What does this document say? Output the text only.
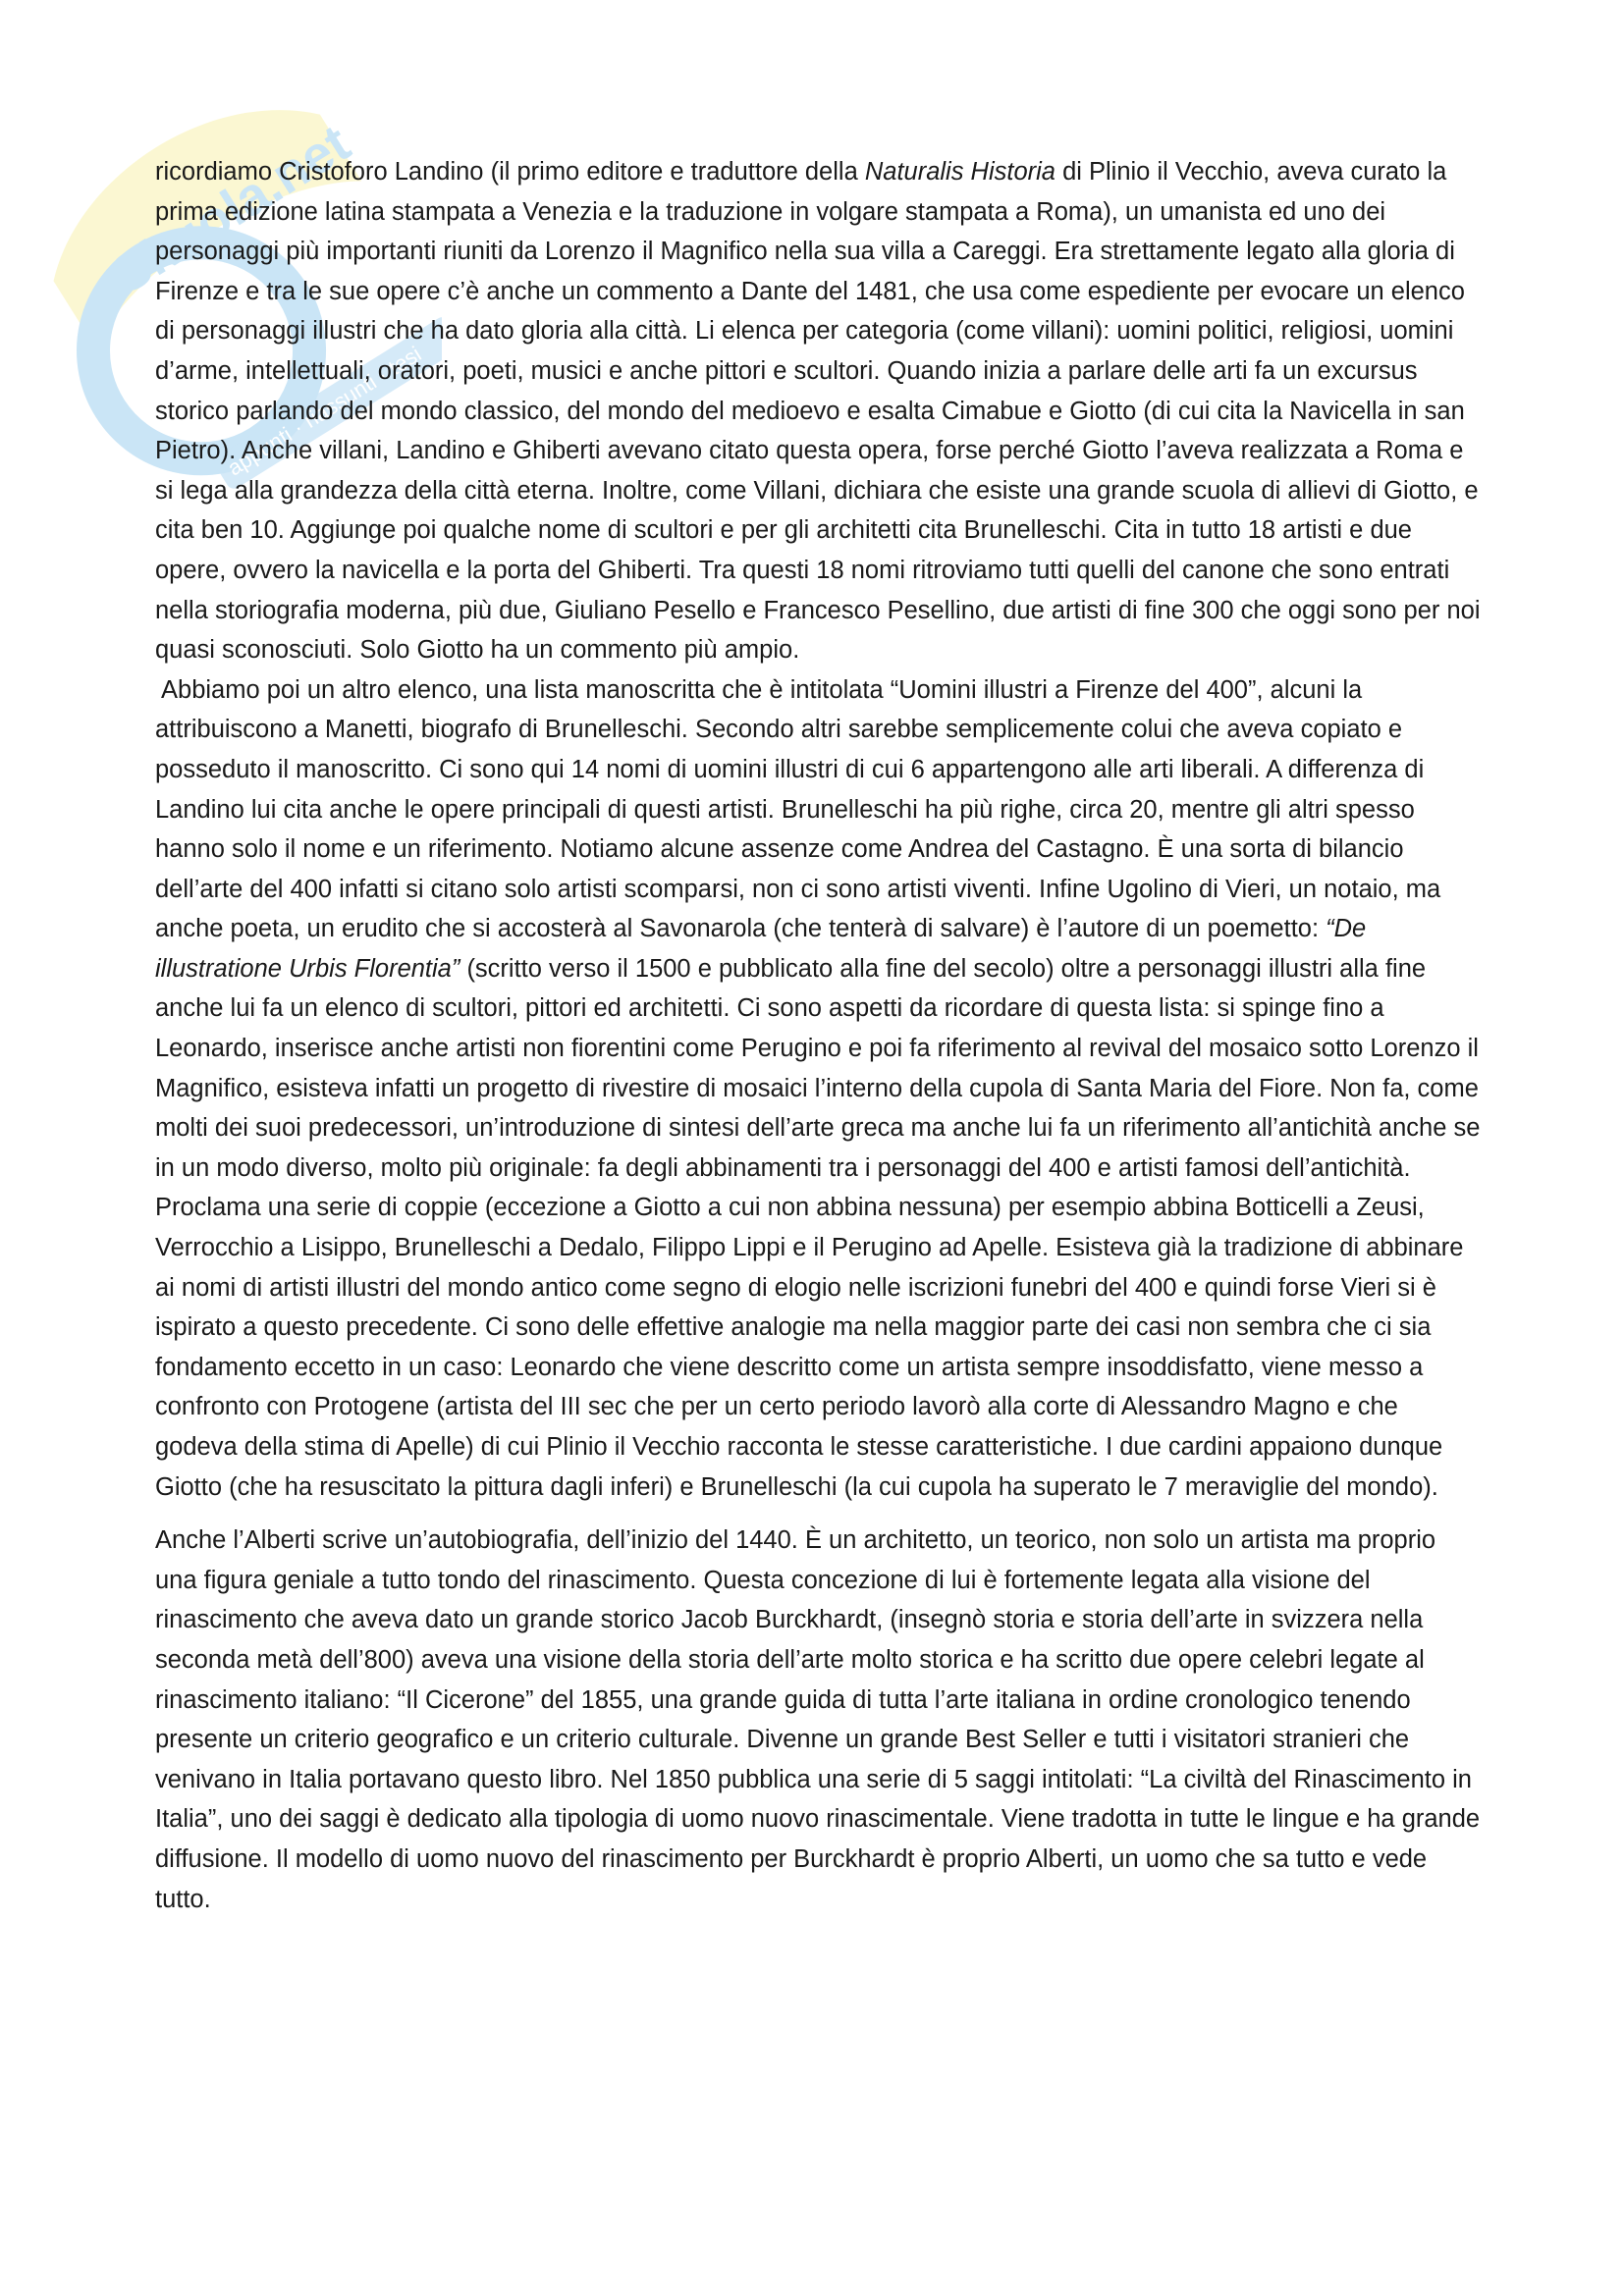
Skuola.net
appunti · riassunti · tesi

ricordiamo Cristoforo Landino (il primo editore e traduttore della Naturalis Historia di Plinio il Vecchio, aveva curato la prima edizione latina stampata a Venezia e la traduzione in volgare stampata a Roma), un umanista ed uno dei personaggi più importanti riuniti da Lorenzo il Magnifico nella sua villa a Careggi. Era strettamente legato alla gloria di Firenze e tra le sue opere c’è anche un commento a Dante del 1481, che usa come espediente per evocare un elenco di personaggi illustri che ha dato gloria alla città. Li elenca per categoria (come villani): uomini politici, religiosi, uomini d’arme, intellettuali, oratori, poeti, musici e anche pittori e scultori. Quando inizia a parlare delle arti fa un excursus storico parlando del mondo classico, del mondo del medioevo e esalta Cimabue e Giotto (di cui cita la Navicella in san Pietro). Anche villani, Landino e Ghiberti avevano citato questa opera, forse perché Giotto l’aveva realizzata a Roma e si lega alla grandezza della città eterna. Inoltre, come Villani, dichiara che esiste una grande scuola di allievi di Giotto, e cita ben 10. Aggiunge poi qualche nome di scultori e per gli architetti cita Brunelleschi. Cita in tutto 18 artisti e due opere, ovvero la navicella e la porta del Ghiberti. Tra questi 18 nomi ritroviamo tutti quelli del canone che sono entrati nella storiografia moderna, più due, Giuliano Pesello e Francesco Pesellino, due artisti di fine 300 che oggi sono per noi quasi sconosciuti. Solo Giotto ha un commento più ampio.
Abbiamo poi un altro elenco, una lista manoscritta che è intitolata “Uomini illustri a Firenze del 400”, alcuni la attribuiscono a Manetti, biografo di Brunelleschi. Secondo altri sarebbe semplicemente colui che aveva copiato e posseduto il manoscritto. Ci sono qui 14 nomi di uomini illustri di cui 6 appartengono alle arti liberali. A differenza di Landino lui cita anche le opere principali di questi artisti. Brunelleschi ha più righe, circa 20, mentre gli altri spesso hanno solo il nome e un riferimento. Notiamo alcune assenze come Andrea del Castagno. È una sorta di bilancio dell’arte del 400 infatti si citano solo artisti scomparsi, non ci sono artisti viventi. Infine Ugolino di Vieri, un notaio, ma anche poeta, un erudito che si accosterà al Savonarola (che tenterà di salvare) è l’autore di un poemetto: “De illustratione Urbis Florentia” (scritto verso il 1500 e pubblicato alla fine del secolo) oltre a personaggi illustri alla fine anche lui fa un elenco di scultori, pittori ed architetti. Ci sono aspetti da ricordare di questa lista: si spinge fino a Leonardo, inserisce anche artisti non fiorentini come Perugino e poi fa riferimento al revival del mosaico sotto Lorenzo il Magnifico, esisteva infatti un progetto di rivestire di mosaici l’interno della cupola di Santa Maria del Fiore. Non fa, come molti dei suoi predecessori, un’introduzione di sintesi dell’arte greca ma anche lui fa un riferimento all’antichità anche se in un modo diverso, molto più originale: fa degli abbinamenti tra i personaggi del 400 e artisti famosi dell’antichità. Proclama una serie di coppie (eccezione a Giotto a cui non abbina nessuna) per esempio abbina Botticelli a Zeusi, Verrocchio a Lisippo, Brunelleschi a Dedalo, Filippo Lippi e il Perugino ad Apelle. Esisteva già la tradizione di abbinare ai nomi di artisti illustri del mondo antico come segno di elogio nelle iscrizioni funebri del 400 e quindi forse Vieri si è ispirato a questo precedente. Ci sono delle effettive analogie ma nella maggior parte dei casi non sembra che ci sia fondamento eccetto in un caso: Leonardo che viene descritto come un artista sempre insoddisfatto, viene messo a confronto con Protogene (artista del III sec che per un certo periodo lavorò alla corte di Alessandro Magno e che godeva della stima di Apelle) di cui Plinio il Vecchio racconta le stesse caratteristiche. I due cardini appaiono dunque Giotto (che ha resuscitato la pittura dagli inferi) e Brunelleschi (la cui cupola ha superato le 7 meraviglie del mondo).

Anche l’Alberti scrive un’autobiografia, dell’inizio del 1440. È un architetto, un teorico, non solo un artista ma proprio una figura geniale a tutto tondo del rinascimento. Questa concezione di lui è fortemente legata alla visione del rinascimento che aveva dato un grande storico Jacob Burckhardt, (insegnò storia e storia dell’arte in svizzera nella seconda metà dell’800) aveva una visione della storia dell’arte molto storica e ha scritto due opere celebri legate al rinascimento italiano: “Il Cicerone” del 1855, una grande guida di tutta l’arte italiana in ordine cronologico tenendo presente un criterio geografico e un criterio culturale. Divenne un grande Best Seller e tutti i visitatori stranieri che venivano in Italia portavano questo libro. Nel 1850 pubblica una serie di 5 saggi intitolati: “La civiltà del Rinascimento in Italia”, uno dei saggi è dedicato alla tipologia di uomo nuovo rinascimentale. Viene tradotta in tutte le lingue e ha grande diffusione. Il modello di uomo nuovo del rinascimento per Burckhardt è proprio Alberti, un uomo che sa tutto e vede tutto.
